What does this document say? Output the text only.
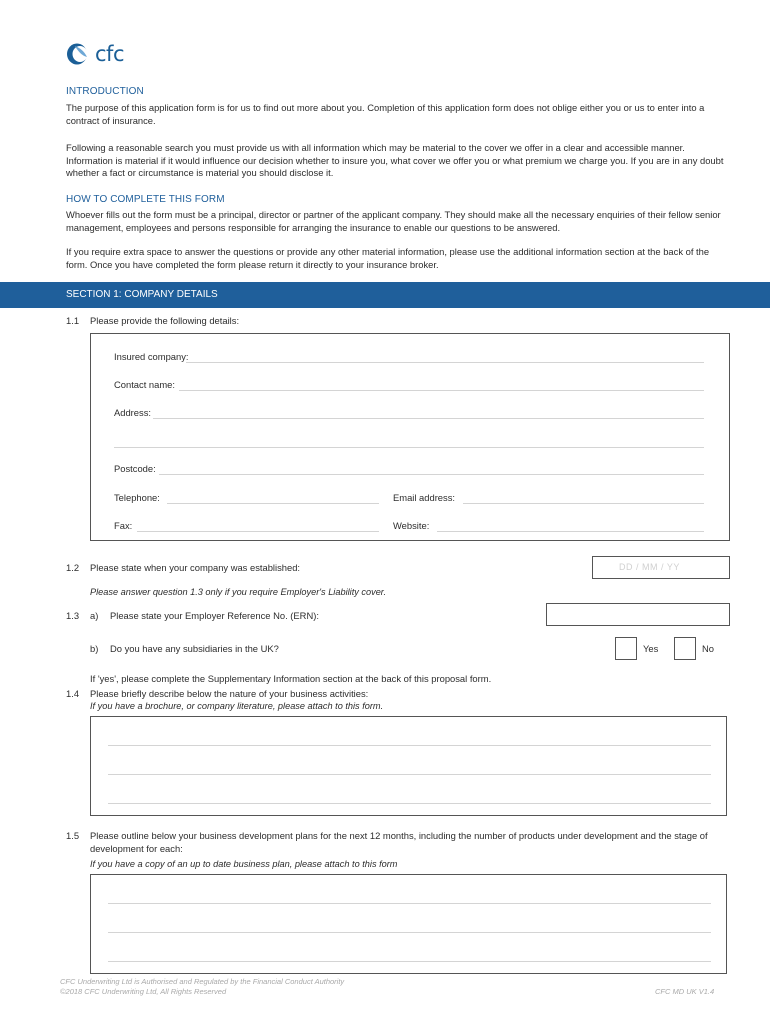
cfc
INTRODUCTION
The purpose of this application form is for us to find out more about you. Completion of this application form does not oblige either you or us to enter into a contract of insurance.
Following a reasonable search you must provide us with all information which may be material to the cover we offer in a clear and accessible manner. Information is material if it would influence our decision whether to insure you, what cover we offer you or what premium we charge you. If you are in any doubt whether a fact or circumstance is material you should disclose it.
HOW TO COMPLETE THIS FORM
Whoever fills out the form must be a principal, director or partner of the applicant company. They should make all the necessary enquiries of their fellow senior management, employees and persons responsible for arranging the insurance to enable our questions to be answered.
If you require extra space to answer the questions or provide any other material information, please use the additional information section at the back of the form. Once you have completed the form please return it directly to your insurance broker.
SECTION 1: COMPANY DETAILS
1.1 Please provide the following details:
Insured company:
Contact name:
Address:
Postcode:
Telephone:	Email address:
Fax:	Website:
1.2 Please state when your company was established:	DD / MM / YY
Please answer question 1.3 only if you require Employer's Liability cover.
1.3 a) Please state your Employer Reference No. (ERN):
b) Do you have any subsidiaries in the UK?	Yes	No
If 'yes', please complete the Supplementary Information section at the back of this proposal form.
1.4 Please briefly describe below the nature of your business activities:
If you have a brochure, or company literature, please attach to this form.
1.5 Please outline below your business development plans for the next 12 months, including the number of products under development and the stage of development for each:
If you have a copy of an up to date business plan, please attach to this form
CFC Underwriting Ltd is Authorised and Regulated by the Financial Conduct Authority
©2018 CFC Underwriting Ltd, All Rights Reserved	CFC MD UK V1.4
